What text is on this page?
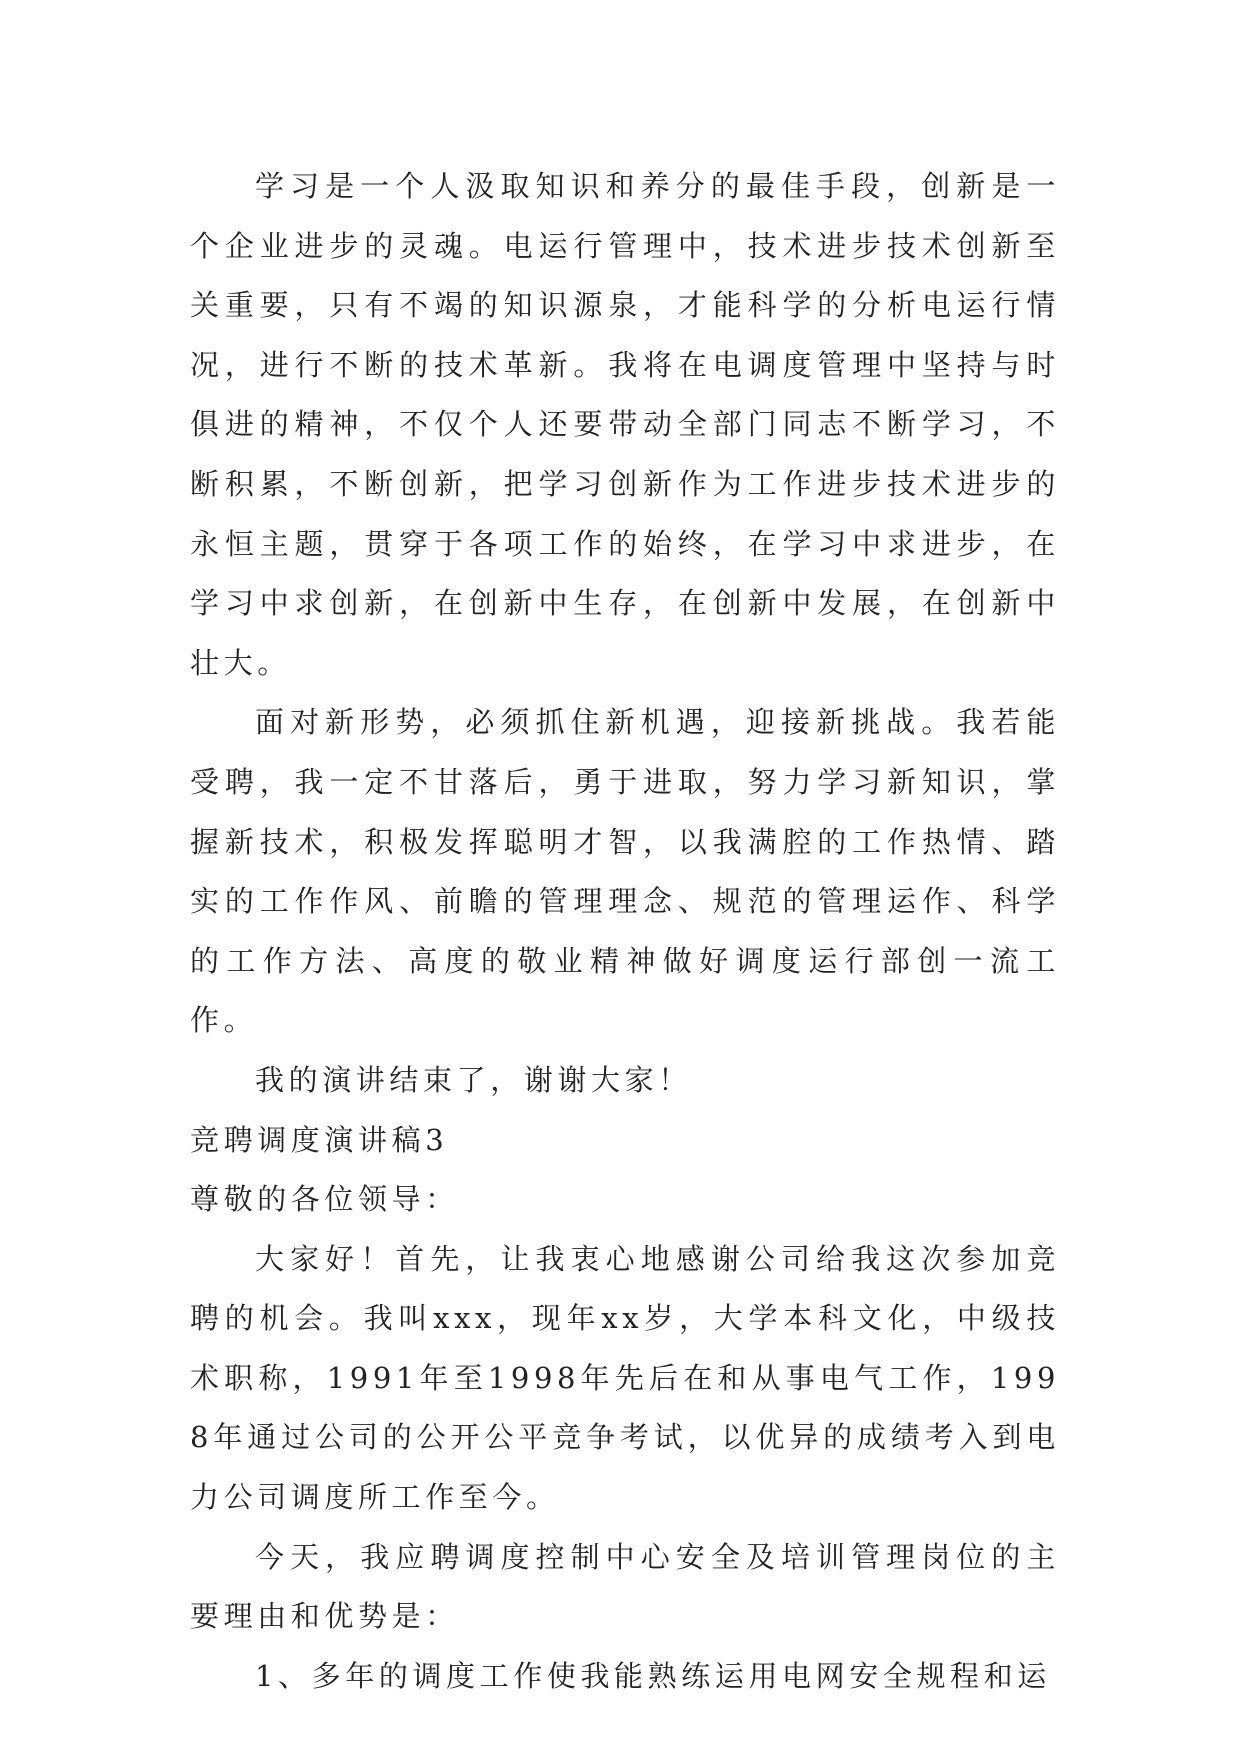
学习是一个人汲取知识和养分的最佳手段，创新是一个企业进步的灵魂。电运行管理中，技术进步技术创新至关重要，只有不竭的知识源泉，才能科学的分析电运行情况，进行不断的技术革新。我将在电调度管理中坚持与时俱进的精神，不仅个人还要带动全部门同志不断学习，不断积累，不断创新，把学习创新作为工作进步技术进步的永恒主题，贯穿于各项工作的始终，在学习中求进步，在学习中求创新，在创新中生存，在创新中发展，在创新中壮大。

面对新形势，必须抓住新机遇，迎接新挑战。我若能受聘，我一定不甘落后，勇于进取，努力学习新知识，掌握新技术，积极发挥聪明才智，以我满腔的工作热情、踏实的工作作风、前瞻的管理理念、规范的管理运作、科学的工作方法、高度的敬业精神做好调度运行部创一流工作。

我的演讲结束了，谢谢大家！

竞聘调度演讲稿3

尊敬的各位领导：

大家好！首先，让我衷心地感谢公司给我这次参加竞聘的机会。我叫xxx，现年xx岁，大学本科文化，中级技术职称，1991年至1998年先后在和从事电气工作，1998年通过公司的公开公平竞争考试，以优异的成绩考入到电力公司调度所工作至今。

今天，我应聘调度控制中心安全及培训管理岗位的主要理由和优势是：

1、多年的调度工作使我能熟练运用电网安全规程和运
